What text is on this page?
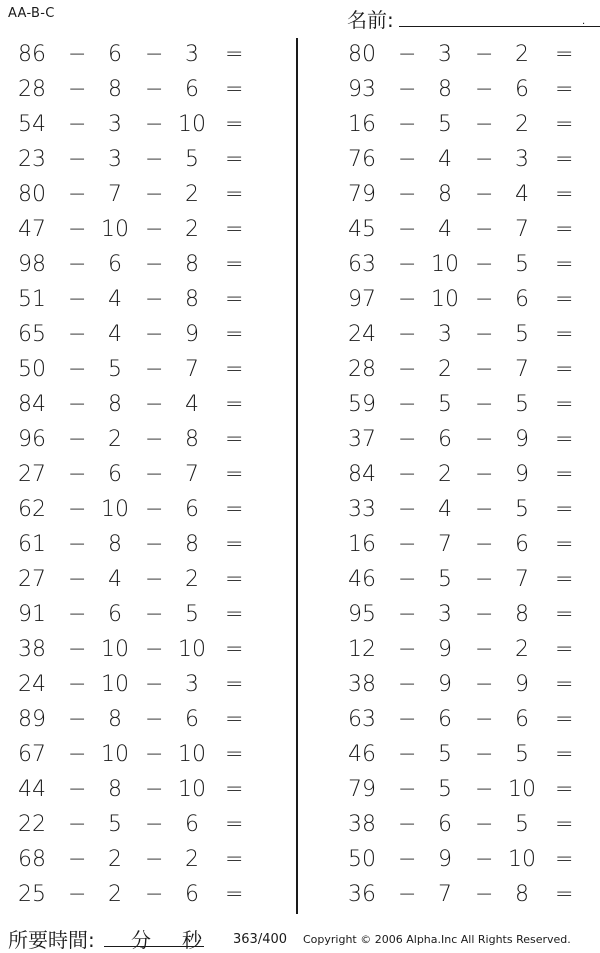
AA-B-C	名前:	.
86 − 6	− 3	=
28 − 8	− 6	=
54 − 3	− 10 =
23 − 3	− 5	=
80 − 7	− 2	=
47 − 10 − 2	=
98 − 6	− 8	=
51 − 4	− 8	=
65 − 4	− 9	=
50 − 5	− 7	=
84 − 8	− 4	=
96 − 2	− 8	=
27 − 6	− 7	=
62 − 10 − 6	=
61 − 8	− 8	=
27 − 4	− 2	=
91 − 6	− 5	=
38 − 10 − 10 =
24 − 10 − 3	=
89 − 8	− 6	=
67 − 10 − 10 =
44 − 8	− 10 =
22 − 5	− 6	=
68 − 2	− 2	=
25 − 2	− 6	=
80 − 3	− 2	=
93 − 8	− 6	=
16 − 5	− 2	=
76 − 4	− 3	=
79 − 8	− 4	=
45 − 4	− 7	=
63 − 10 − 5	=
97 − 10 − 6	=
24 − 3	− 5	=
28 − 2	− 7	=
59 − 5	− 5	=
37 − 6	− 9	=
84 − 2	− 9	=
33 − 4	− 5	=
16 − 7	− 6	=
46 − 5	− 7	=
95 − 3	− 8	=
12 − 9	− 2	=
38 − 9	− 9	=
63 − 6	− 6	=
46 − 5	− 5	=
79 − 5	− 10 =
38 − 6	− 5	=
50 − 9	− 10 =
36 − 7	− 8	=
所要時間: 分 秒 363/400 Copyright © 2006 Alpha.Inc All Rights Reserved.
